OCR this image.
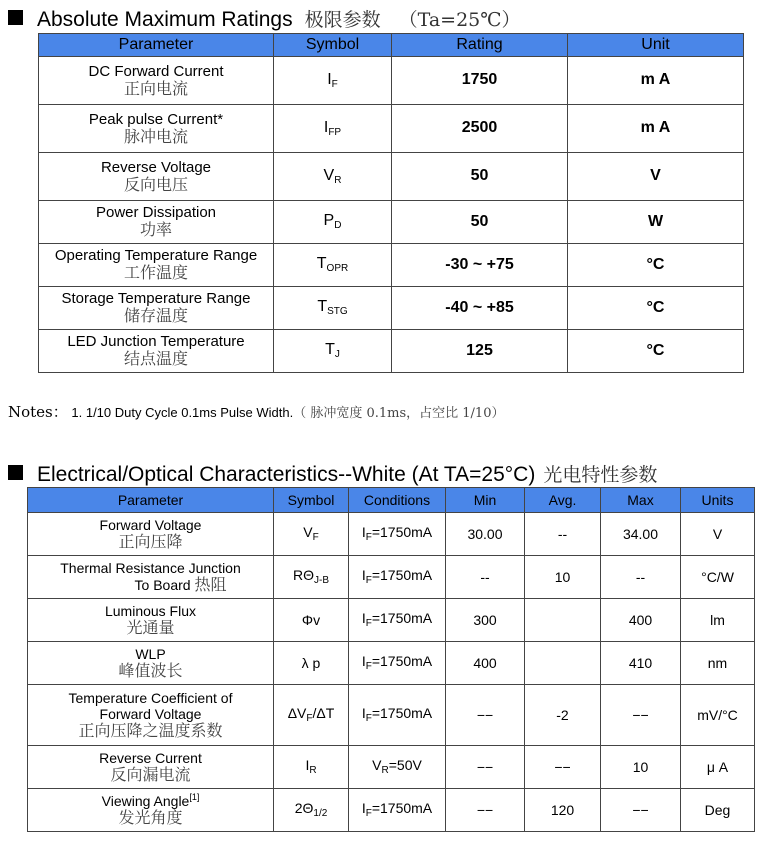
Absolute Maximum Ratings 极限参数 （Ta=25℃）
Parameter	Symbol	Rating	Unit

DC Forward Current
正向电流	$I_F$	1750	m A

Peak pulse Current*
脉冲电流	$I_{FP}$	2500	m A

Reverse Voltage
反向电压	$V_R$	50	V

Power Dissipation
功率	$P_D$	50	W

Operating Temperature Range
工作温度	$T_{OPR}$	-30 ~ +75	°C

Storage Temperature Range
储存温度	$T_{STG}$	-40 ~ +85	°C

LED Junction Temperature
结点温度	$T_J$	125	°C
Notes： 1. 1/10 Duty Cycle 0.1ms Pulse Width.（ 脉冲宽度 0.1ms，占空比 1/10）
Electrical/Optical Characteristics--White (At TA=25°C) 光电特性参数
Parameter	Symbol	Conditions	Min	Avg.	Max	Units

Forward Voltage
正向压降	$V_F$	$I_F=1750mA$	30.00	--	34.00	V

Thermal Resistance Junction
To Board 热阻	$R\Theta_{J-B}$	$I_F=1750mA$	--	10	--	°C/W

Luminous Flux
光通量	Φv	$I_F=1750mA$	300		400	lm

WLP
峰值波长	λ p	$I_F=1750mA$	400		410	nm

Temperature Coefficient of
Forward Voltage
正向压降之温度系数	$\Delta V_F/\Delta T$	$I_F=1750mA$	−−	-2	−−	mV/°C

Reverse Current
反向漏电流	$I_R$	$V_R=50V$	−−	−−	10	μ A

Viewing Angle[1]
发光角度	$2\Theta_{1/2}$	$I_F=1750mA$	−−	120	−−	Deg
